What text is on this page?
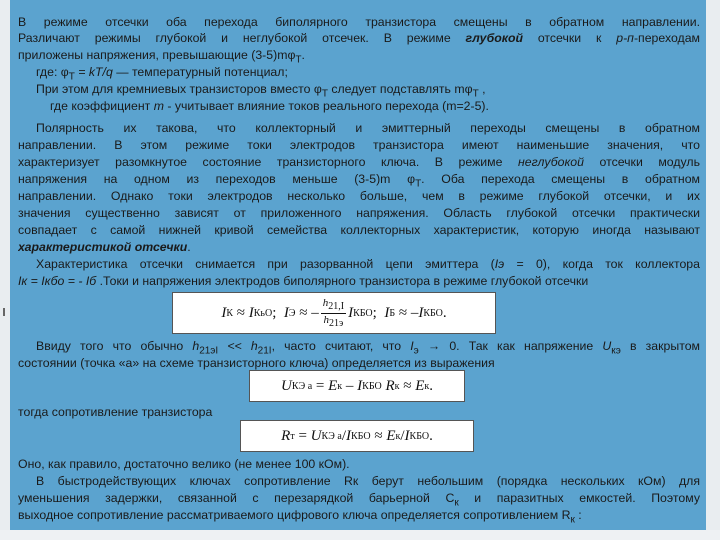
В режиме отсечки оба перехода биполярного транзистора смещены в обратном направлении.
Различают режимы глубокой и неглубокой отсечек. В режиме глубокой отсечки к р-п-переходам
приложены напряжения, превышающие $(3-5)m\varphi_T$.
где: $\varphi_T = kT/q$ — температурный потенциал;
При этом для кремниевых транзисторов вместо $\varphi_T$ следует подставлять $m\varphi_T$ ,
где коэффициент m - учитывает влияние токов реального перехода (m=2-5).
Полярность их такова, что коллекторный и эмиттерный переходы смещены в обратном
направлении. В этом режиме токи электродов транзистора имеют наименьшие значения, что
характеризует разомкнутое состояние транзисторного ключа. В режиме неглубокой отсечки модуль
напряжения на одном из переходов меньше (3-5)m $\varphi_T$. Оба перехода смещены в обратном
направлении. Однако токи электродов несколько больше, чем в режиме глубокой отсечки, и их
значения существенно зависят от приложенного напряжения. Область глубокой отсечки практически
совпадает с самой нижней кривой семейства коллекторных характеристик, которую иногда называют
характеристикой отсечки.
Характеристика отсечки снимается при разорванной цепи эмиттера (Iэ = 0), когда ток коллектора
Iк = Iкбо = - Iб .Токи и напряжения электродов биполярного транзистора в режиме глубокой отсечки
I К
≈
I КьО ;
I Э
≈
– $\frac{h21,I}{h21э}$ I КБО ;
I Б
≈
– I КБО .
Ввиду того что обычно $h_{21эI} << h_{21I}$, часто считают, что $I_э \to 0$. Так как напряжение $U_{кэ}$ в закрытом
состоянии (точка «а» на схеме транзисторного ключа) определяется из выражения
U КЭ а
=
E к
–
I КБО
R к
≈
E к .
тогда сопротивление транзистора
R т
=
U КЭ а / I КБО
≈
E к / I КБО .
Оно, как правило, достаточно велико (не менее 100 кОм).
В быстродействующих ключах сопротивление Rк берут небольшим (порядка нескольких кОм) для
уменьшения задержки, связанной с перезарядкой барьерной $С_к$ и паразитных емкостей. Поэтому
выходное сопротивление рассматриваемого цифрового ключа определяется сопротивлением $R_к$ :
